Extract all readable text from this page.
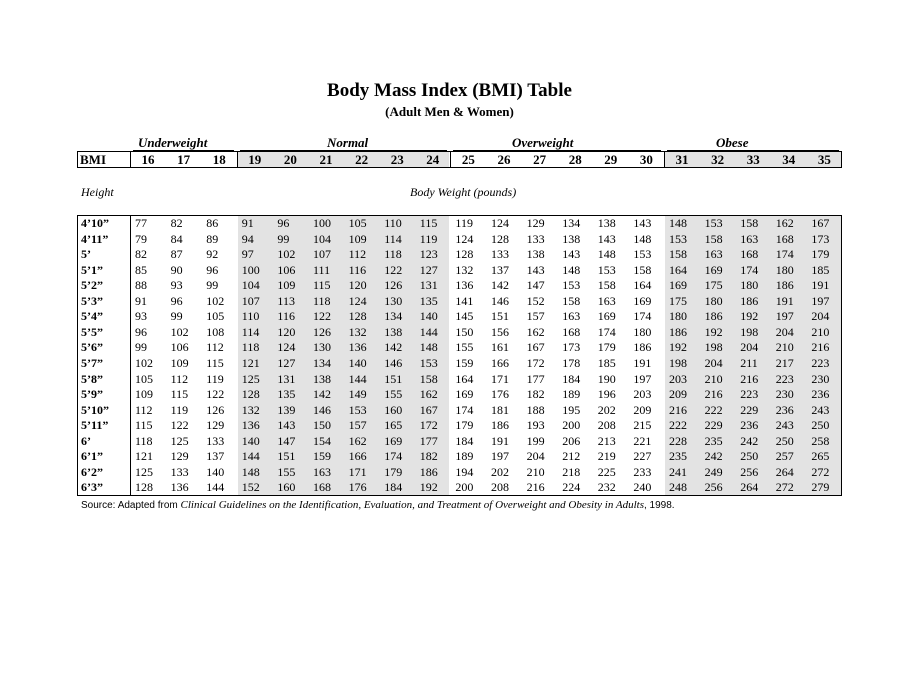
Body Mass Index (BMI) Table
(Adult Men & Women)
Underweight	Normal	Overweight	Obese
BMI	16	17	18	19	20	21	22	23	24	25	26	27	28	29	30	31	32	33	34	35
Height	Body Weight (pounds)
4’10” 77 82 86 91 96 100 105 110 115 119 124 129 134 138 143 148 153 158 162 167
4’11” 79 84 89 94 99 104 109 114 119 124 128 133 138 143 148 153 158 163 168 173
5’	82 87 92 97 102 107 112 118 123 128 133 138 143 148 153 158 163 168 174 179
5’1”	85 90 96 100 106 111 116 122 127 132 137 143 148 153 158 164 169 174 180 185
5’2”	88 93 99 104 109 115 120 126 131 136 142 147 153 158 164 169 175 180 186 191
5’3”	91 96 102 107 113 118 124 130 135 141 146 152 158 163 169 175 180 186 191 197
5’4”	93 99 105 110 116 122 128 134 140 145 151 157 163 169 174 180 186 192 197 204
5’5”	96 102 108 114 120 126 132 138 144 150 156 162 168 174 180 186 192 198 204 210
5’6”	99 106 112 118 124 130 136 142 148 155 161 167 173 179 186 192 198 204 210 216
5’7”	102 109 115 121 127 134 140 146 153 159 166 172 178 185 191 198 204 211 217 223
5’8”	105 112 119 125 131 138 144 151 158 164 171 177 184 190 197 203 210 216 223 230
5’9”	109 115 122 128 135 142 149 155 162 169 176 182 189 196 203 209 216 223 230 236
5’10” 112 119 126 132 139 146 153 160 167 174 181 188 195 202 209 216 222 229 236 243
5’11” 115 122 129 136 143 150 157 165 172 179 186 193 200 208 215 222 229 236 243 250
6’	118 125 133 140 147 154 162 169 177 184 191 199 206 213 221 228 235 242 250 258
6’1”	121 129 137 144 151 159 166 174 182 189 197 204 212 219 227 235 242 250 257 265
6’2”	125 133 140 148 155 163 171 179 186 194 202 210 218 225 233 241 249 256 264 272
6’3”	128 136 144 152 160 168 176 184 192 200 208 216 224 232 240 248 256 264 272 279
Source: Adapted from Clinical Guidelines on the Identification, Evaluation, and Treatment of Overweight and Obesity in Adults, 1998.
